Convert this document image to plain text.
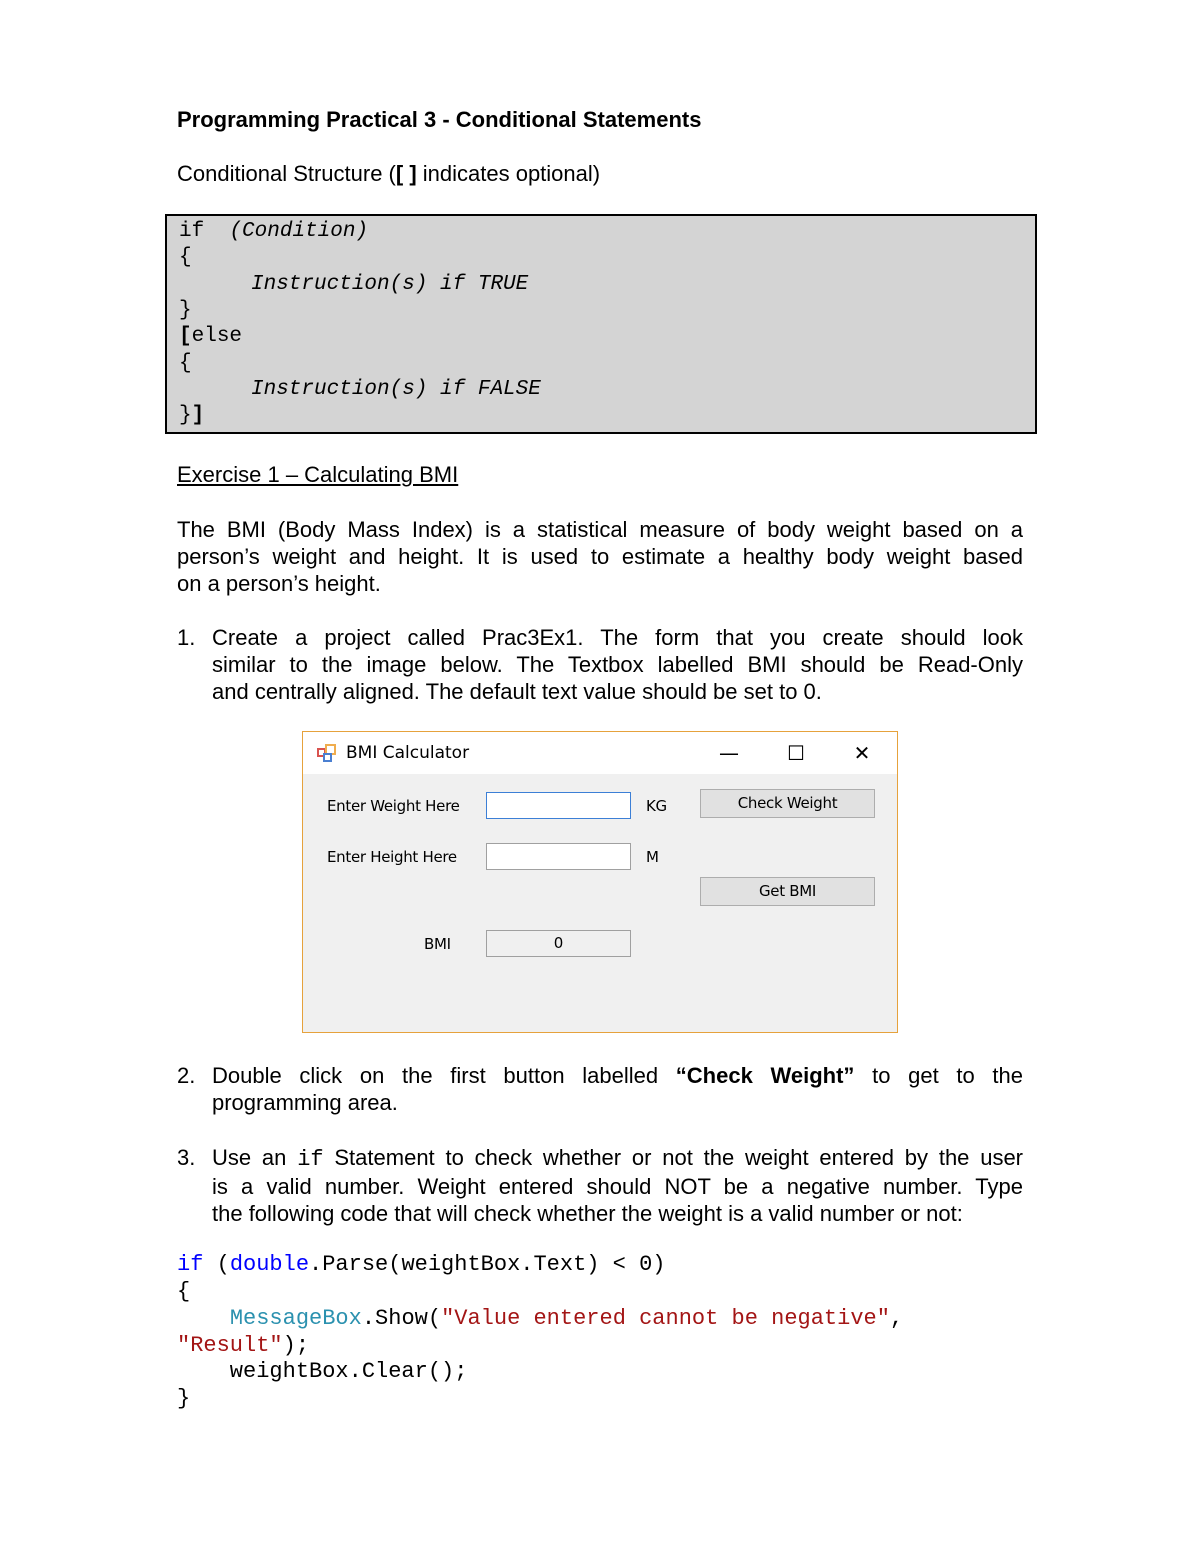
Programming Practical 3 - Conditional Statements
Conditional Structure ([ ] indicates optional)
if (Condition)
{
Instruction(s) if TRUE
}
[else
{
Instruction(s) if FALSE
}]
Exercise 1 – Calculating BMI
The BMI (Body Mass Index) is a statistical measure of body weight based on a
person’s weight and height. It is used to estimate a healthy body weight based
on a person’s height.
1. Create a project called Prac3Ex1. The form that you create should look
similar to the image below. The Textbox labelled BMI should be Read-Only
and centrally aligned. The default text value should be set to 0.
BMI Calculator	—	☐	✕
Enter Weight Here	KG	Check Weight
Enter Height Here	M
Get BMI
BMI	0
2. Double click on the first button labelled “Check Weight” to get to the
programming area.
3. Use an if Statement to check whether or not the weight entered by the user
is a valid number. Weight entered should NOT be a negative number. Type
the following code that will check whether the weight is a valid number or not:
if (double.Parse(weightBox.Text) < 0)
{
MessageBox.Show("Value entered cannot be negative",
"Result");
weightBox.Clear();
}
